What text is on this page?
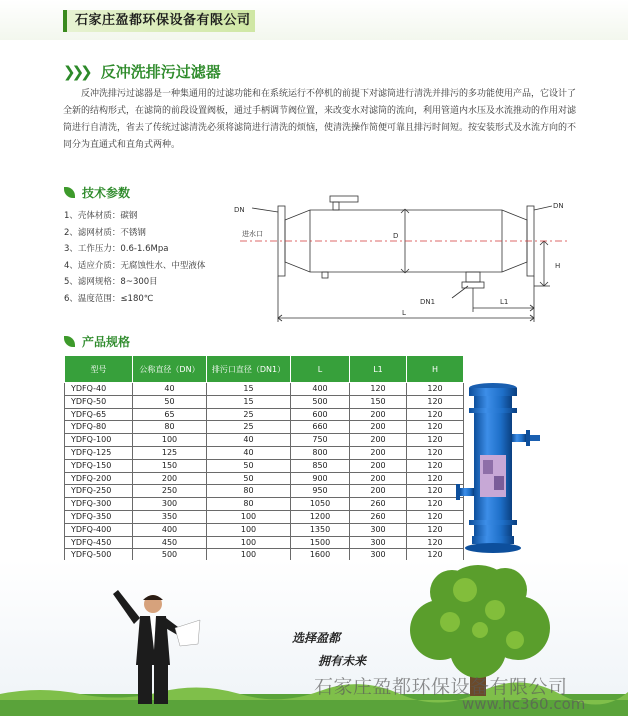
石家庄盈都环保设备有限公司
❯❯❯ 反冲洗排污过滤器
反冲洗排污过滤器是一种集通用的过滤功能和在系统运行不停机的前提下对滤筒进行清洗并排污的多功能使用产品，它设计了全新的结构形式，在滤筒的前段设置阀板，通过手柄调节阀位置，来改变水对滤筒的流向，利用管道内水压及水流推动的作用对滤筒进行自清洗，省去了传统过滤清洗必须将滤筒进行清洗的烦恼，使清洗操作简便可靠且排污时间短。按安装形式及水流方向的不同分为直通式和直角式两种。
技术参数
1、壳体材质：碳钢
2、滤网材质：不锈钢
3、工作压力：0.6-1.6Mpa
4、适应介质：无腐蚀性水、中型液体
5、滤网规格：8~300目
6、温度范围：≤180℃
DN	DN
进水口	D
H
DN1
L
L1
产品规格
型号	公称直径（DN）	排污口直径（DN1）	L	L1	H
YDFQ-40	40	15	400	120	120
YDFQ-50	50	15	500	150	120
YDFQ-65	65	25	600	200	120
YDFQ-80	80	25	660	200	120
YDFQ-100	100	40	750	200	120
YDFQ-125	125	40	800	200	120
YDFQ-150	150	50	850	200	120
YDFQ-200	200	50	900	200	120
YDFQ-250	250	80	950	200	120
YDFQ-300	300	80	1050	260	120
YDFQ-350	350	100	1200	260	120
YDFQ-400	400	100	1350	300	120
YDFQ-450	450	100	1500	300	120
YDFQ-500	500	100	1600	300	120
选择盈都
拥有未来
石家庄盈都环保设备有限公司
www.hc360.com
